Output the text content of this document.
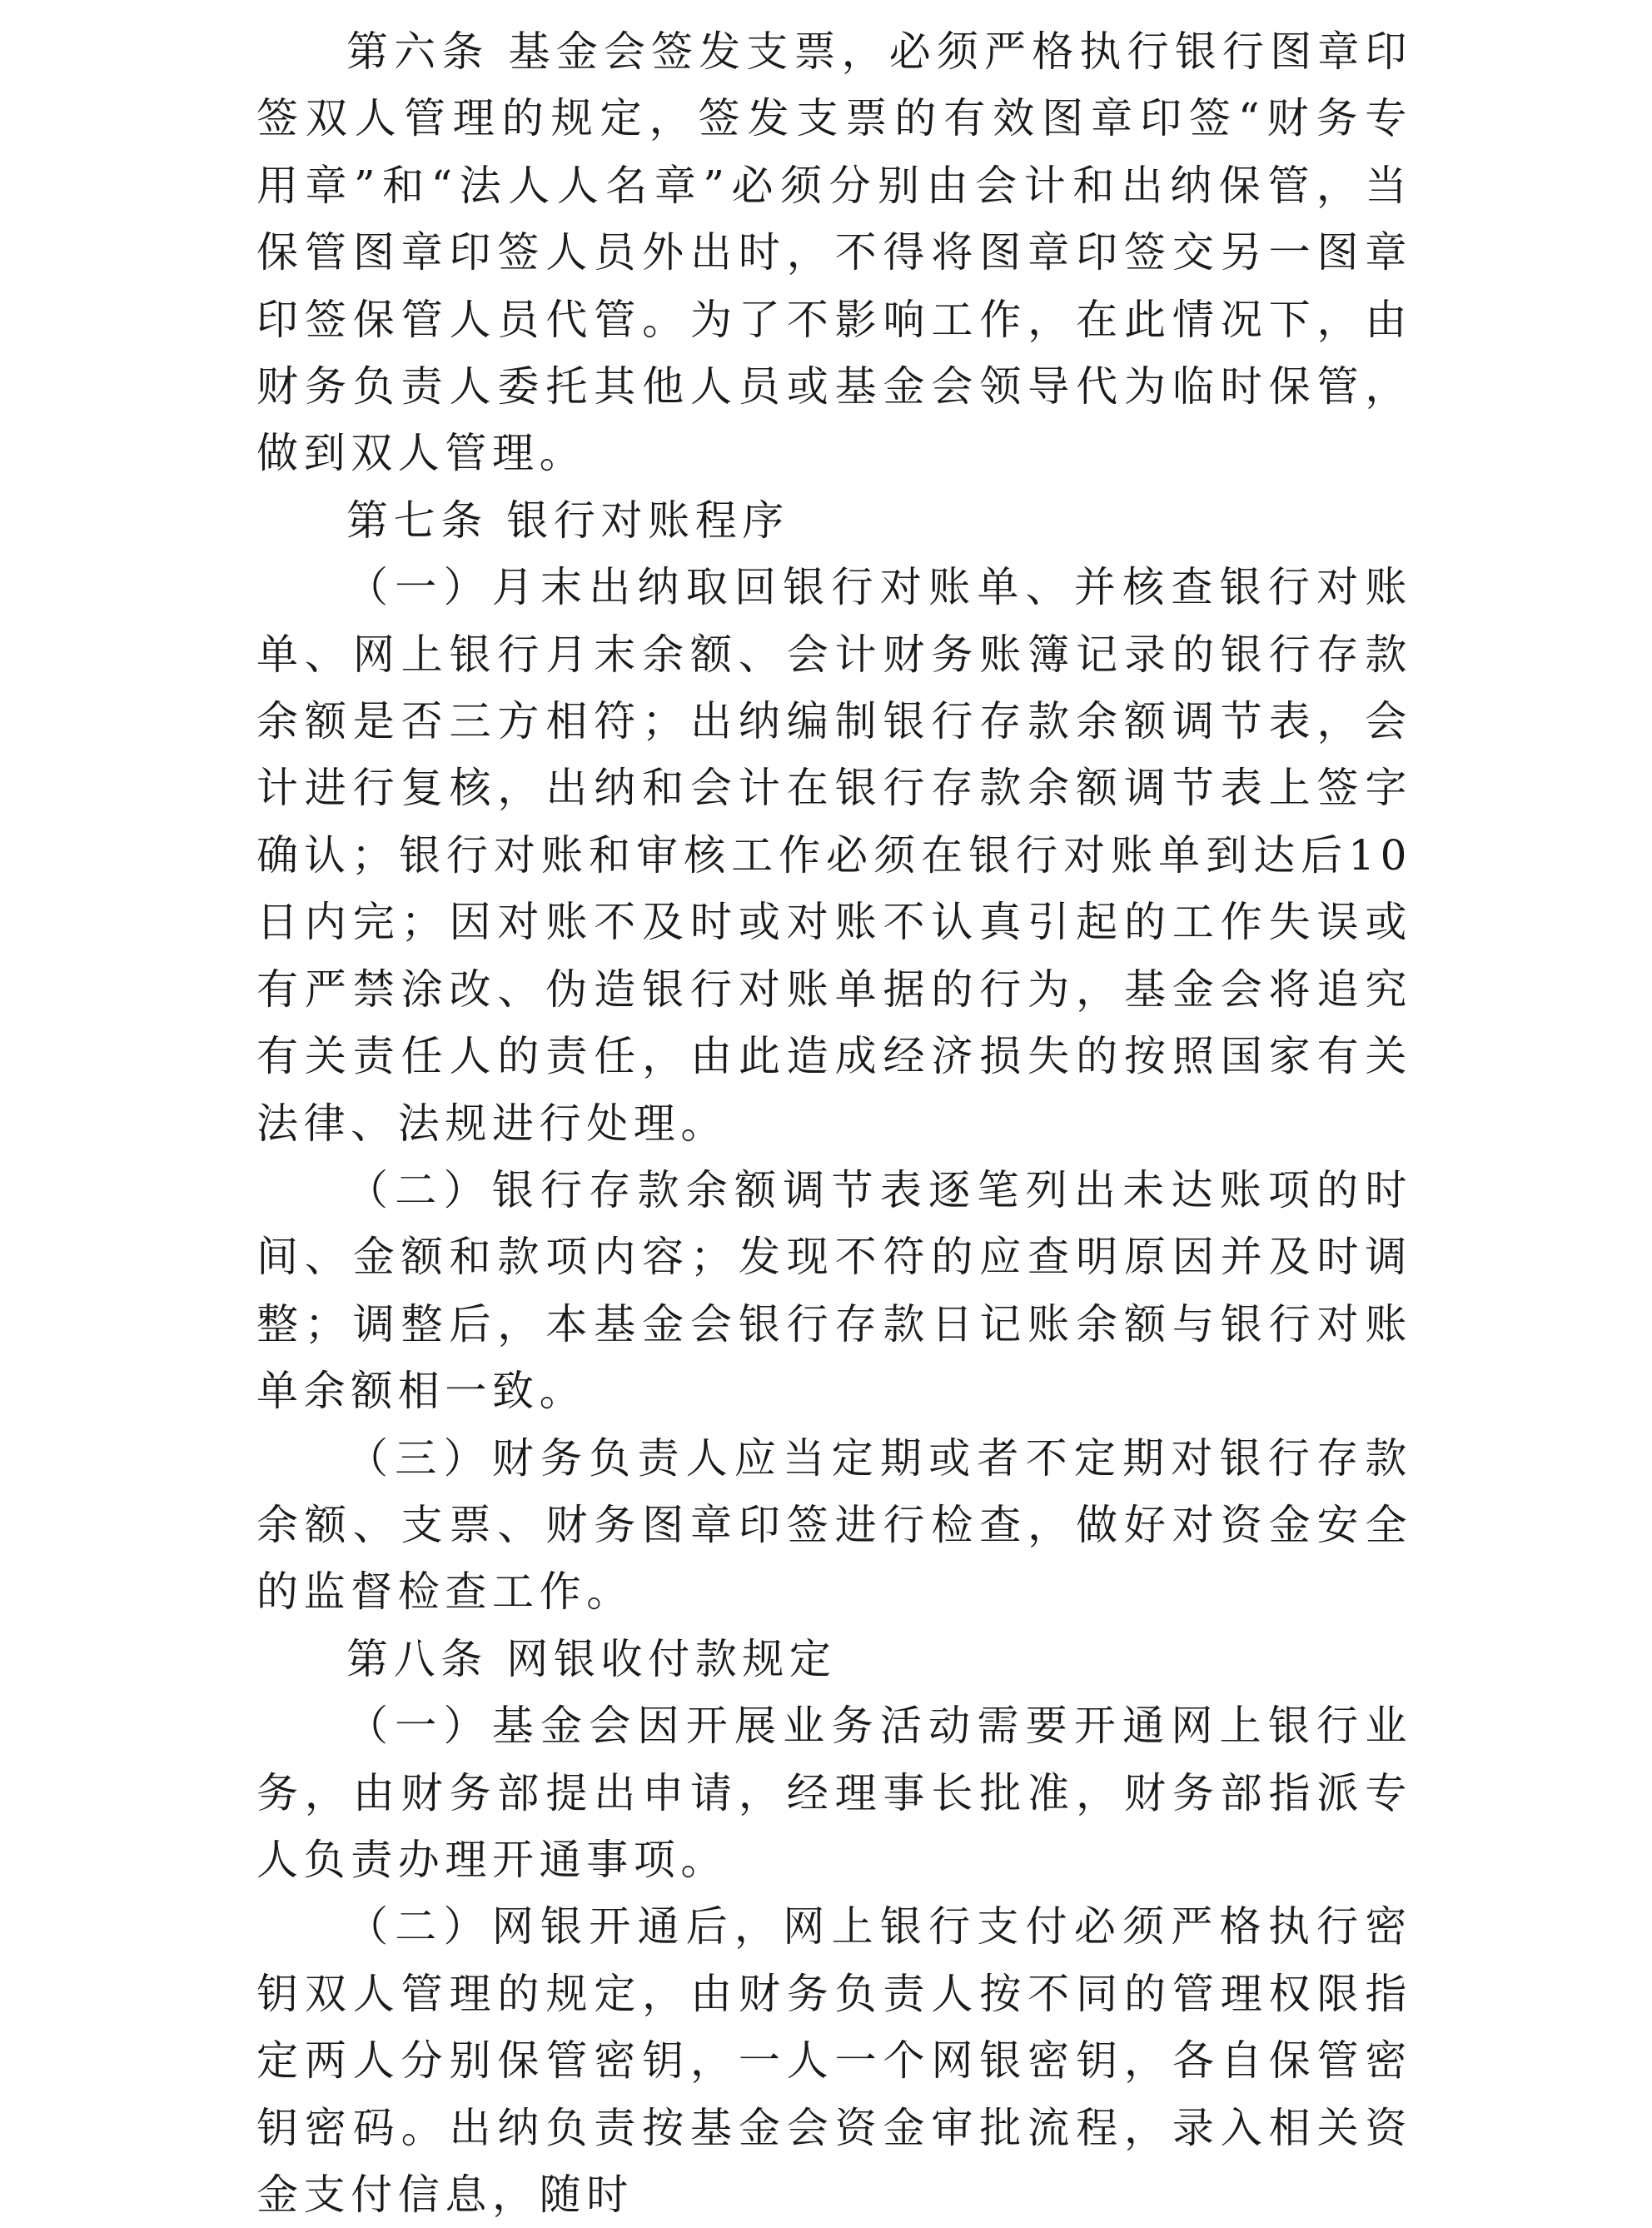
第六条 基金会签发支票，必须严格执行银行图章印签双人管理的规定，签发支票的有效图章印签“财务专用章”和“法人人名章”必须分别由会计和出纳保管，当保管图章印签人员外出时，不得将图章印签交另一图章印签保管人员代管。为了不影响工作，在此情况下，由财务负责人委托其他人员或基金会领导代为临时保管，做到双人管理。

第七条 银行对账程序

（一）月末出纳取回银行对账单、并核查银行对账单、网上银行月末余额、会计财务账簿记录的银行存款余额是否三方相符；出纳编制银行存款余额调节表，会计进行复核，出纳和会计在银行存款余额调节表上签字确认；银行对账和审核工作必须在银行对账单到达后10日内完；因对账不及时或对账不认真引起的工作失误或有严禁涂改、伪造银行对账单据的行为，基金会将追究有关责任人的责任，由此造成经济损失的按照国家有关法律、法规进行处理。

（二）银行存款余额调节表逐笔列出未达账项的时间、金额和款项内容；发现不符的应查明原因并及时调整；调整后，本基金会银行存款日记账余额与银行对账单余额相一致。

（三）财务负责人应当定期或者不定期对银行存款余额、支票、财务图章印签进行检查，做好对资金安全的监督检查工作。

第八条 网银收付款规定

（一）基金会因开展业务活动需要开通网上银行业务，由财务部提出申请，经理事长批准，财务部指派专人负责办理开通事项。

（二）网银开通后，网上银行支付必须严格执行密钥双人管理的规定，由财务负责人按不同的管理权限指定两人分别保管密钥，一人一个网银密钥，各自保管密钥密码。出纳负责按基金会资金审批流程，录入相关资金支付信息，随时
